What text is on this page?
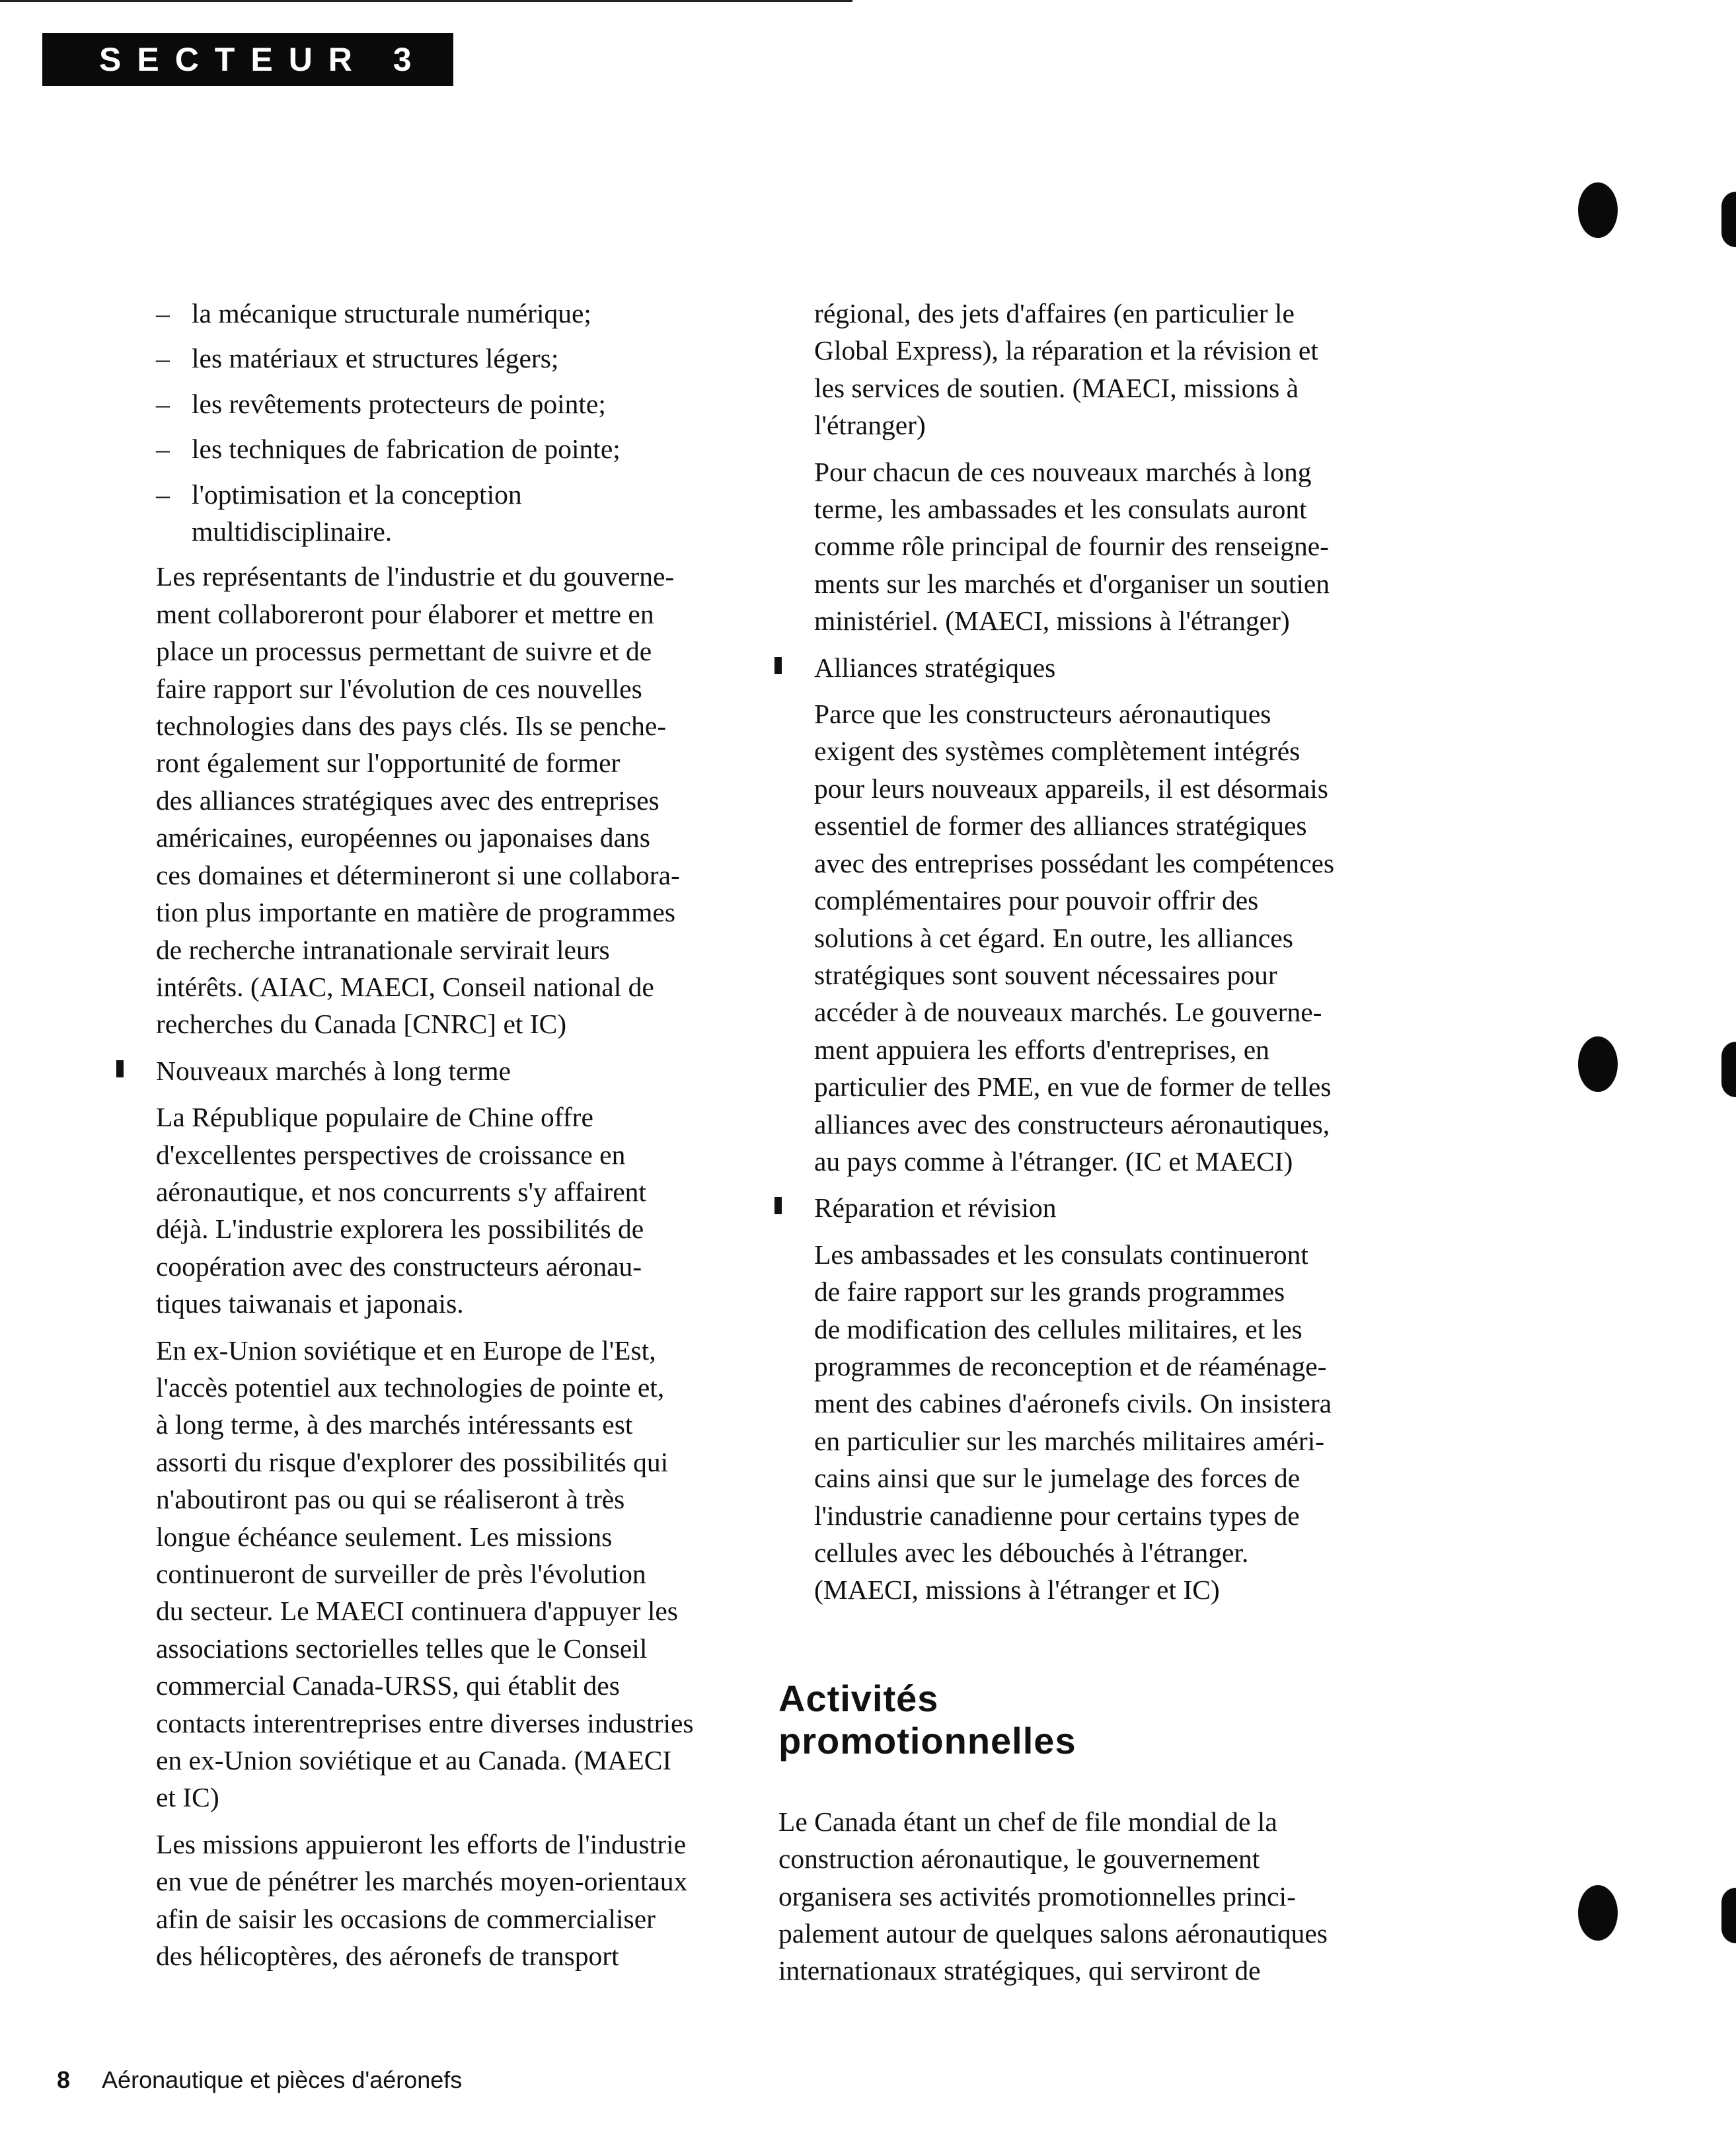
SECTEUR 3
– la mécanique structurale numérique;
– les matériaux et structures légers;
– les revêtements protecteurs de pointe;
– les techniques de fabrication de pointe;
– l'optimisation et la conception
multidisciplinaire.
Les représentants de l'industrie et du gouverne-
ment collaboreront pour élaborer et mettre en
place un processus permettant de suivre et de
faire rapport sur l'évolution de ces nouvelles
technologies dans des pays clés. Ils se penche-
ront également sur l'opportunité de former
des alliances stratégiques avec des entreprises
américaines, européennes ou japonaises dans
ces domaines et détermineront si une collabora-
tion plus importante en matière de programmes
de recherche intranationale servirait leurs
intérêts. (AIAC, MAECI, Conseil national de
recherches du Canada [CNRC] et IC)
Nouveaux marchés à long terme
La République populaire de Chine offre
d'excellentes perspectives de croissance en
aéronautique, et nos concurrents s'y affairent
déjà. L'industrie explorera les possibilités de
coopération avec des constructeurs aéronau-
tiques taiwanais et japonais.
En ex-Union soviétique et en Europe de l'Est,
l'accès potentiel aux technologies de pointe et,
à long terme, à des marchés intéressants est
assorti du risque d'explorer des possibilités qui
n'aboutiront pas ou qui se réaliseront à très
longue échéance seulement. Les missions
continueront de surveiller de près l'évolution
du secteur. Le MAECI continuera d'appuyer les
associations sectorielles telles que le Conseil
commercial Canada-URSS, qui établit des
contacts interentreprises entre diverses industries
en ex-Union soviétique et au Canada. (MAECI
et IC)
Les missions appuieront les efforts de l'industrie
en vue de pénétrer les marchés moyen-orientaux
afin de saisir les occasions de commercialiser
des hélicoptères, des aéronefs de transport
régional, des jets d'affaires (en particulier le
Global Express), la réparation et la révision et
les services de soutien. (MAECI, missions à
l'étranger)
Pour chacun de ces nouveaux marchés à long
terme, les ambassades et les consulats auront
comme rôle principal de fournir des renseigne-
ments sur les marchés et d'organiser un soutien
ministériel. (MAECI, missions à l'étranger)
Alliances stratégiques
Parce que les constructeurs aéronautiques
exigent des systèmes complètement intégrés
pour leurs nouveaux appareils, il est désormais
essentiel de former des alliances stratégiques
avec des entreprises possédant les compétences
complémentaires pour pouvoir offrir des
solutions à cet égard. En outre, les alliances
stratégiques sont souvent nécessaires pour
accéder à de nouveaux marchés. Le gouverne-
ment appuiera les efforts d'entreprises, en
particulier des PME, en vue de former de telles
alliances avec des constructeurs aéronautiques,
au pays comme à l'étranger. (IC et MAECI)
Réparation et révision
Les ambassades et les consulats continueront
de faire rapport sur les grands programmes
de modification des cellules militaires, et les
programmes de reconception et de réaménage-
ment des cabines d'aéronefs civils. On insistera
en particulier sur les marchés militaires améri-
cains ainsi que sur le jumelage des forces de
l'industrie canadienne pour certains types de
cellules avec les débouchés à l'étranger.
(MAECI, missions à l'étranger et IC)
Activités
promotionnelles
Le Canada étant un chef de file mondial de la
construction aéronautique, le gouvernement
organisera ses activités promotionnelles princi-
palement autour de quelques salons aéronautiques
internationaux stratégiques, qui serviront de
8 Aéronautique et pièces d'aéronefs
